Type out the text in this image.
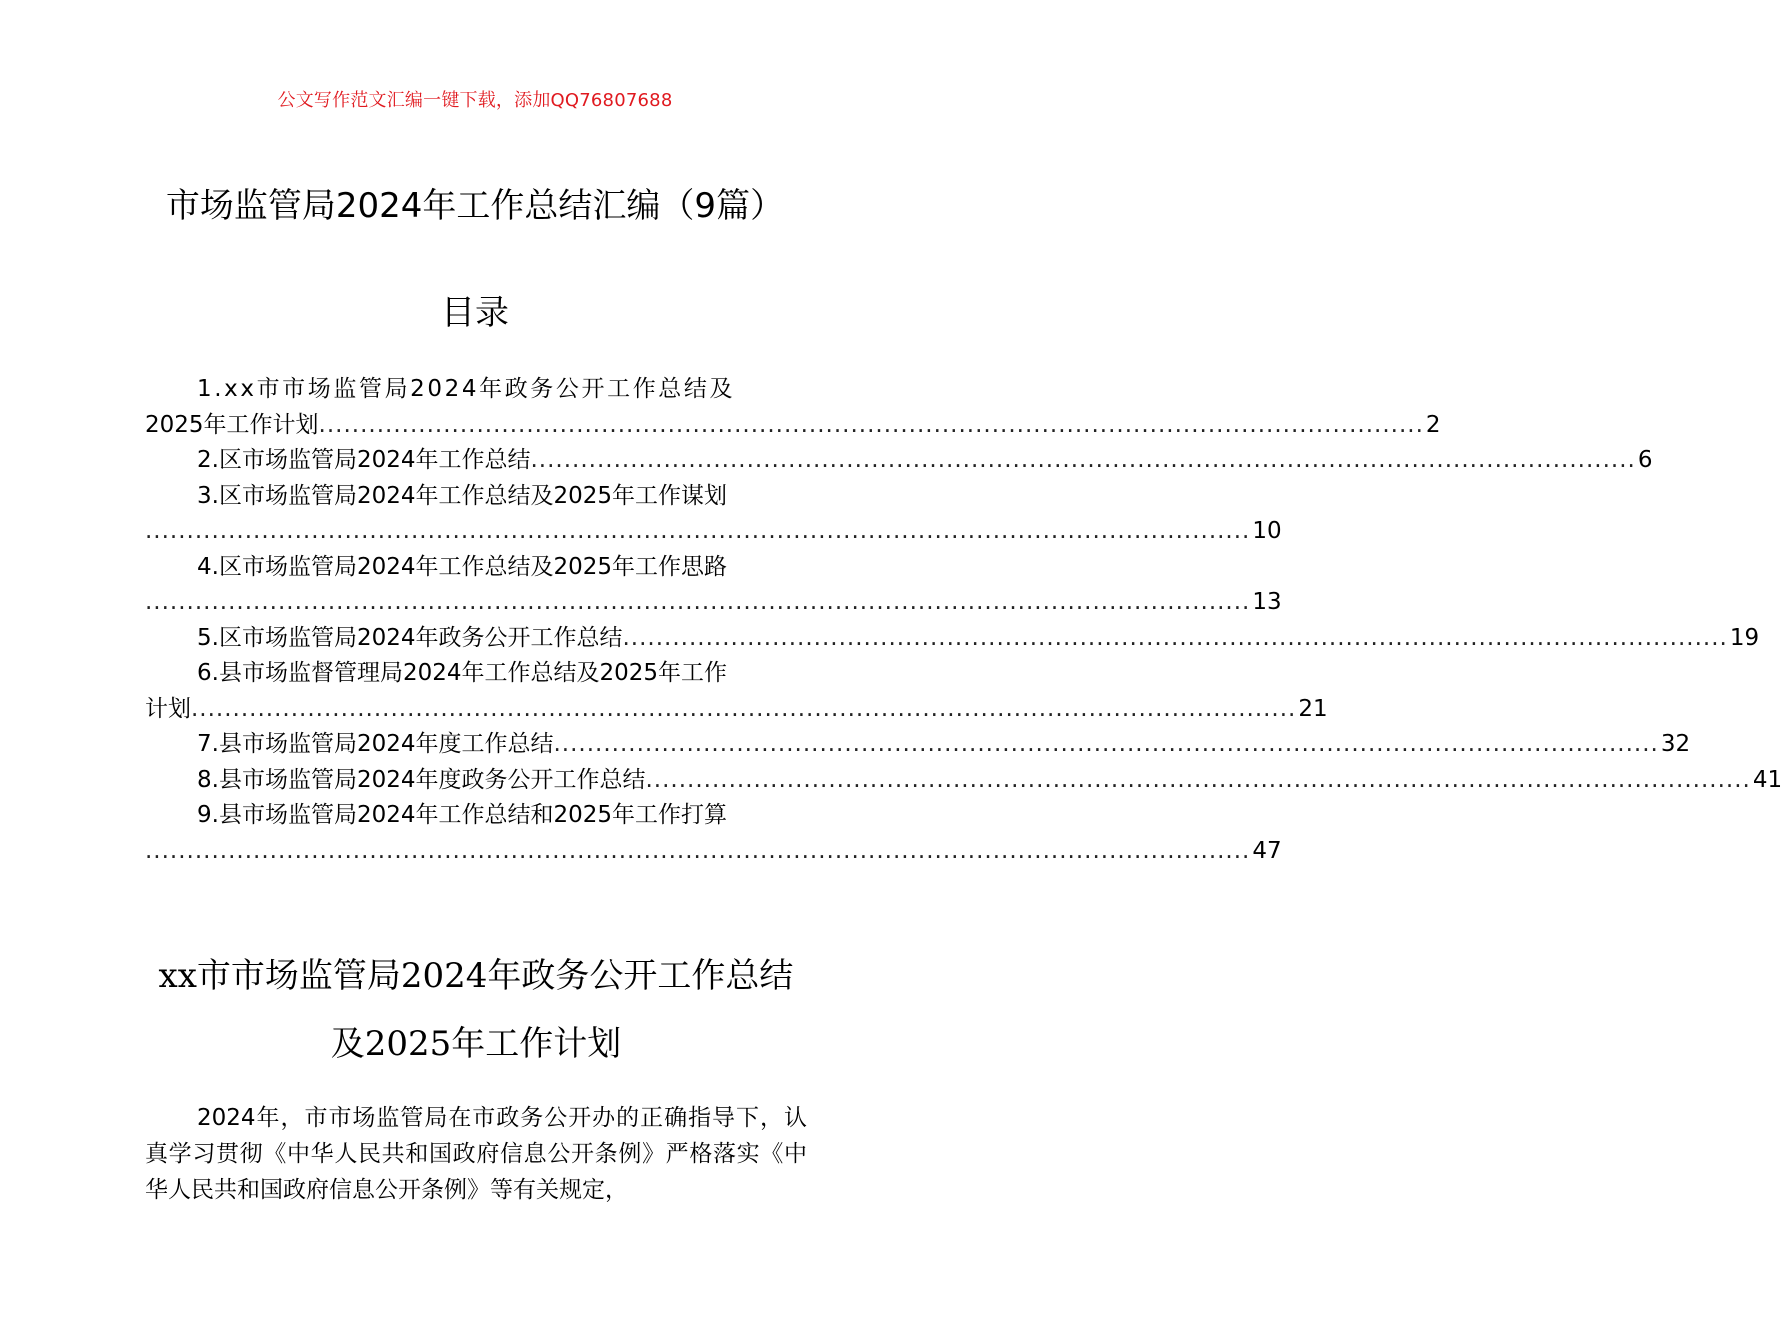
公文写作范文汇编一键下载，添加QQ76807688
市场监管局2024年工作总结汇编（9篇）
目录
1.xx市市场监管局2024年政务公开工作总结及
2025年工作计划 ..................................................................................................................................... 2
2.区市场监管局2024年工作总结 ..................................................................................................................................... 6
3.区市场监管局2024年工作总结及2025年工作谋划
..................................................................................................................................... 10
4.区市场监管局2024年工作总结及2025年工作思路
..................................................................................................................................... 13
5.区市场监管局2024年政务公开工作总结 ..................................................................................................................................... 19
6.县市场监督管理局2024年工作总结及2025年工作
计划 ..................................................................................................................................... 21
7.县市场监管局2024年度工作总结 ..................................................................................................................................... 32
8.县市场监管局2024年度政务公开工作总结 ..................................................................................................................................... 41
9.县市场监管局2024年工作总结和2025年工作打算
..................................................................................................................................... 47
xx市市场监管局2024年政务公开工作总结
及2025年工作计划
2024年，市市场监管局在市政务公开办的正确指导下，认真学习贯彻《中华人民共和国政府信息公开条例》严格落实《中华人民共和国政府信息公开条例》等有关规定，
